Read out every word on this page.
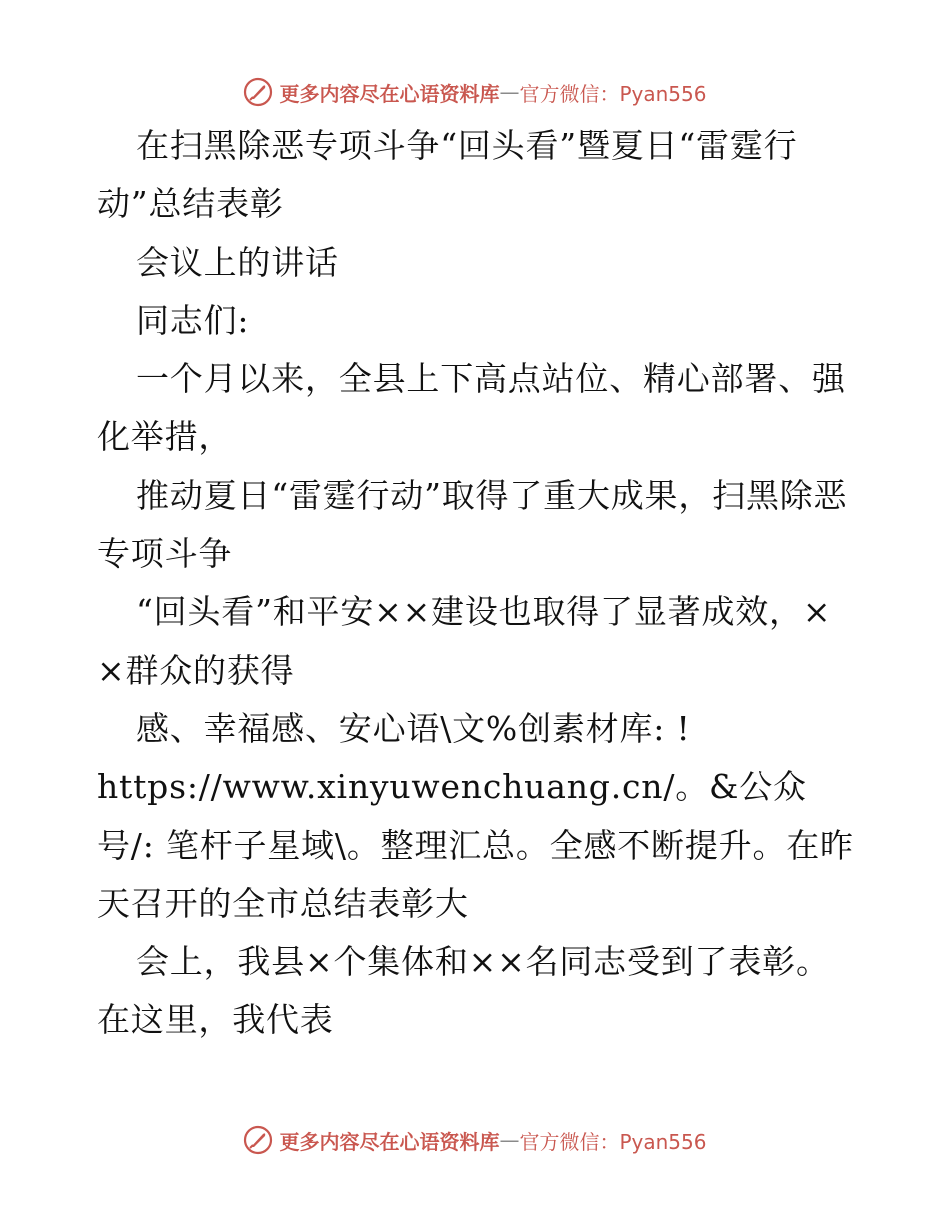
更多内容尽在心语资料库 — 官方微信：Pyan556

在扫黑除恶专项斗争“回头看”暨夏日“雷霆行动”总结表彰

会议上的讲话

同志们:

一个月以来，全县上下高点站位、精心部署、强化举措，

推动夏日“雷霆行动”取得了重大成果，扫黑除恶专项斗争

“回头看”和平安××建设也取得了显著成效，××群众的获得

感、幸福感、安心语\文%创素材库: !

https://www.xinyuwenchuang.cn/。&公众号/: 笔杆子星域\。整理汇总。全感不断提升。在昨天召开的全市总结表彰大

会上，我县×个集体和××名同志受到了表彰。在这里，我代表

更多内容尽在心语资料库 — 官方微信：Pyan556
